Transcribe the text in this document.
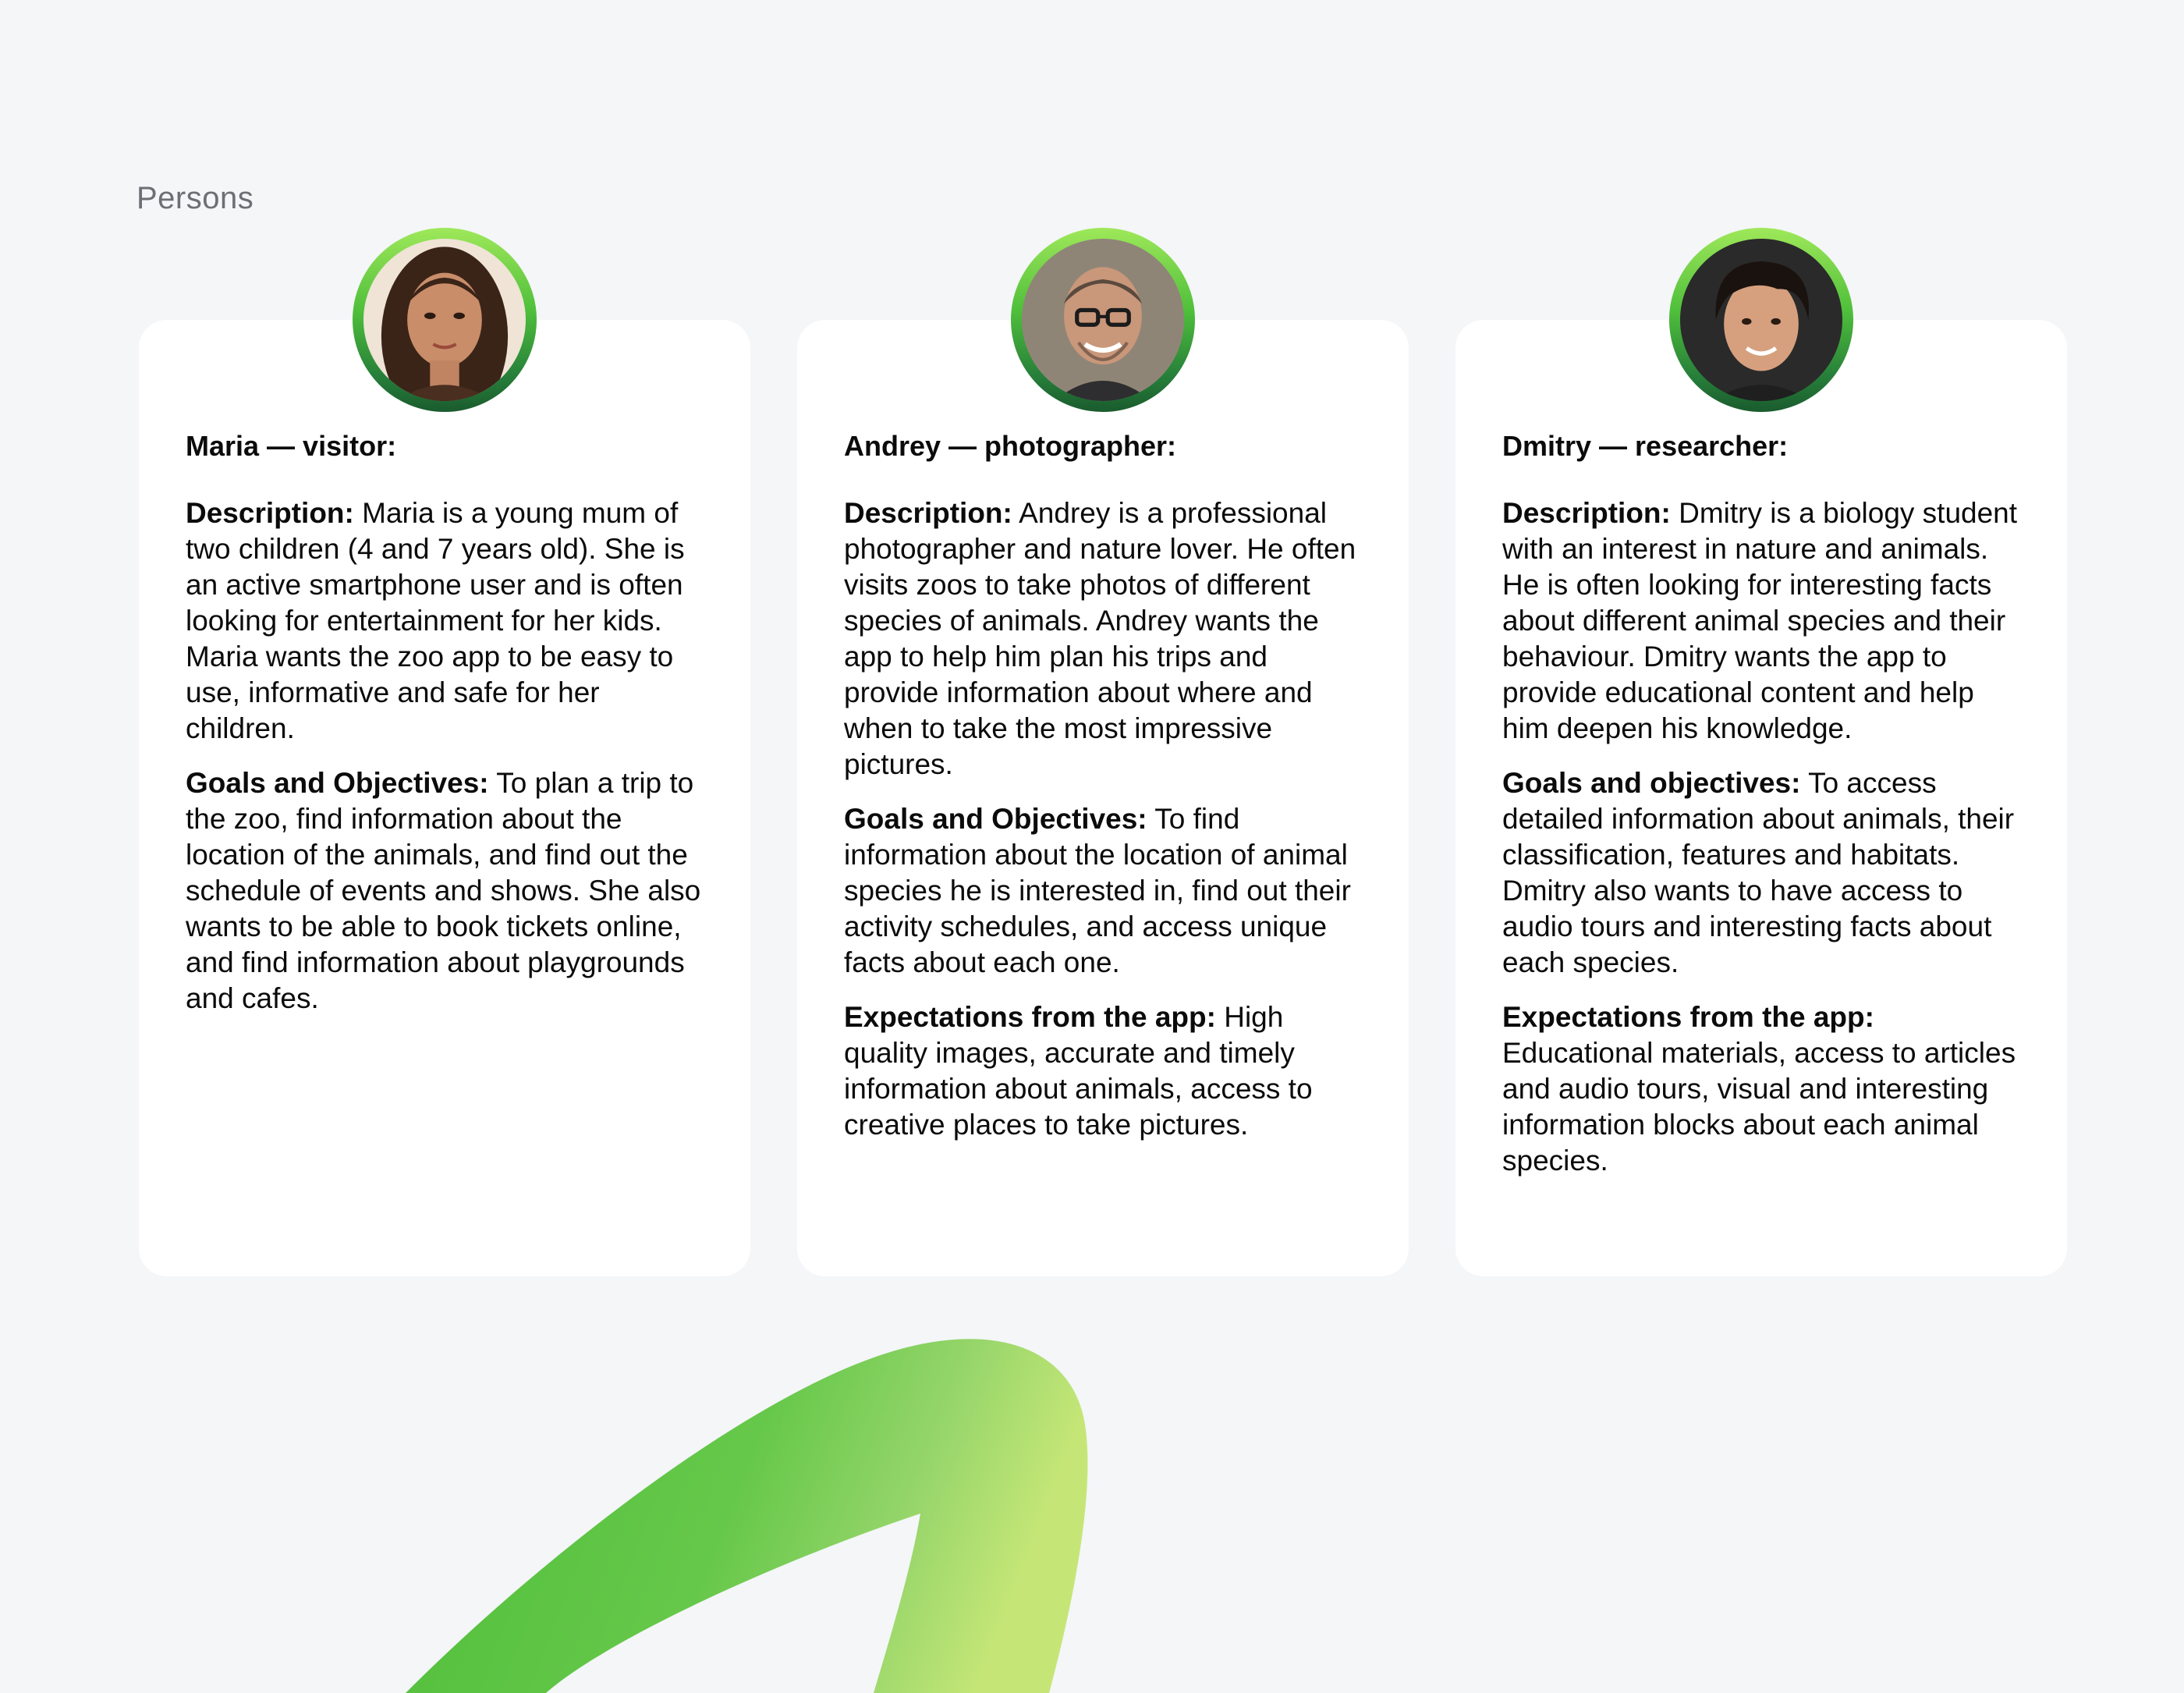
Persons

Maria — visitor:

Description: Maria is a young mum of two children (4 and 7 years old). She is an active smartphone user and is often looking for entertainment for her kids. Maria wants the zoo app to be easy to use, informative and safe for her children.

Goals and Objectives: To plan a trip to the zoo, find information about the location of the animals, and find out the schedule of events and shows. She also wants to be able to book tickets online, and find information about playgrounds and cafes.

Andrey — photographer:

Description: Andrey is a professional photographer and nature lover. He often visits zoos to take photos of different species of animals. Andrey wants the app to help him plan his trips and provide information about where and when to take the most impressive pictures.

Goals and Objectives: To find information about the location of animal species he is interested in, find out their activity schedules, and access unique facts about each one.

Expectations from the app: High quality images, accurate and timely information about animals, access to creative places to take pictures.

Dmitry — researcher:

Description: Dmitry is a biology student with an interest in nature and animals. He is often looking for interesting facts about different animal species and their behaviour. Dmitry wants the app to provide educational content and help him deepen his knowledge.

Goals and objectives: To access detailed information about animals, their classification, features and habitats. Dmitry also wants to have access to audio tours and interesting facts about each species.

Expectations from the app: Educational materials, access to articles and audio tours, visual and interesting information blocks about each animal species.
